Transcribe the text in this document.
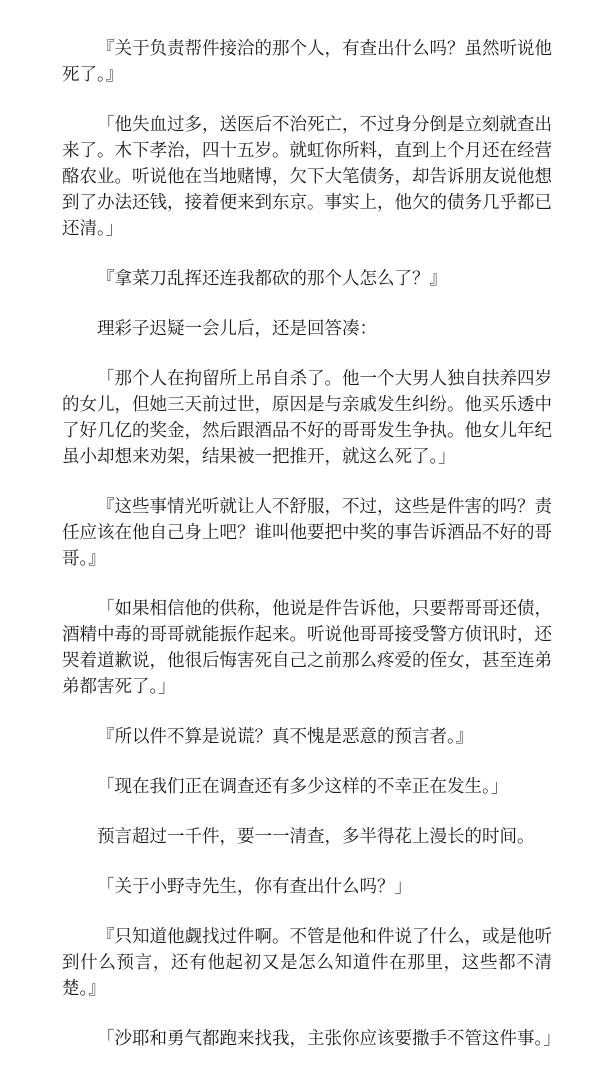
『关于负责帮件接洽的那个人，有查出什么吗？虽然听说他死了。』

「他失血过多，送医后不治死亡，不过身分倒是立刻就查出来了。木下孝治，四十五岁。就虹你所料，直到上个月还在经营酪农业。听说他在当地赌博，欠下大笔债务，却告诉朋友说他想到了办法还钱，接着便来到东京。事实上，他欠的债务几乎都已还清。」

『拿菜刀乱挥还连我都砍的那个人怎么了？』

理彩子迟疑一会儿后，还是回答凑：

「那个人在拘留所上吊自杀了。他一个大男人独自扶养四岁的女儿，但她三天前过世，原因是与亲戚发生纠纷。他买乐透中了好几亿的奖金，然后跟酒品不好的哥哥发生争执。他女儿年纪虽小却想来劝架，结果被一把推开，就这么死了。」

『这些事情光听就让人不舒服，不过，这些是件害的吗？责任应该在他自己身上吧？谁叫他要把中奖的事告诉酒品不好的哥哥。』

「如果相信他的供称，他说是件告诉他，只要帮哥哥还债，酒精中毒的哥哥就能振作起来。听说他哥哥接受警方侦讯时，还哭着道歉说，他很后悔害死自己之前那么疼爱的侄女，甚至连弟弟都害死了。」

『所以件不算是说谎？真不愧是恶意的预言者。』

「现在我们正在调查还有多少这样的不幸正在发生。」

预言超过一千件，要一一清查，多半得花上漫长的时间。

「关于小野寺先生，你有查出什么吗？」

『只知道他觑找过件啊。不管是他和件说了什么，或是他听到什么预言，还有他起初又是怎么知道件在那里，这些都不清楚。』

「沙耶和勇气都跑来找我，主张你应该要撒手不管这件事。」
